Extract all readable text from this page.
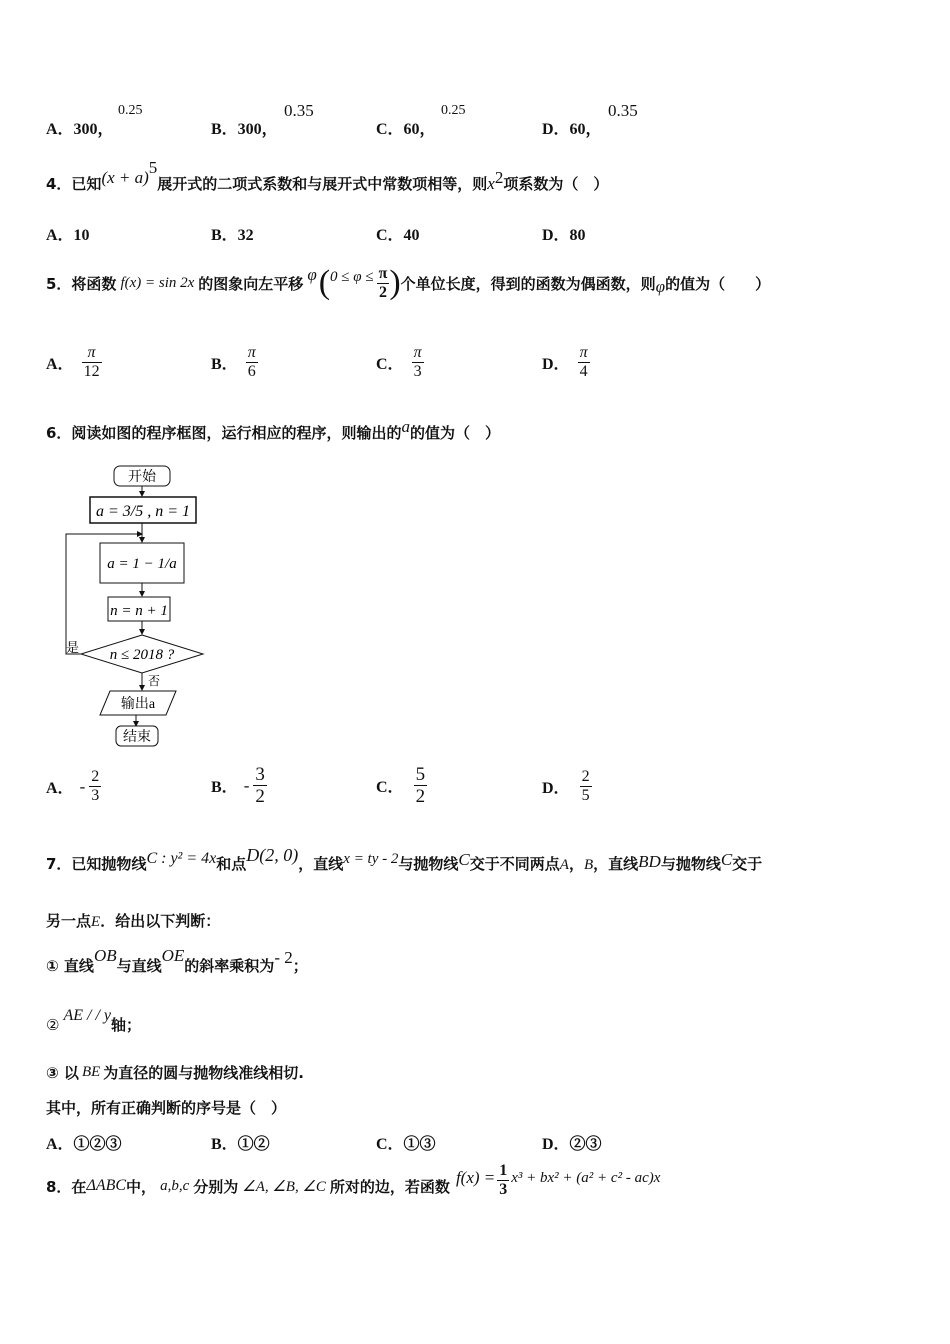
A．300，
0.25
B．300，
0.35
C．60，
0.25
D．60，
0.35
4．已知$(x + a)^5$展开式的二项式系数和与展开式中常数项相等，则$x^2$项系数为（　）
A．10	B．32	C．40	D．80
5．将函数 f(x) = sin 2x 的图象向左平移 φ ( $0 \le \varphi \le \frac{\pi}{2}$ ) 个单位长度，得到的函数为偶函数，则 φ 的值为（　　）
A． $\frac{\pi}{12}$	B． $\frac{\pi}{6}$	C． $\frac{\pi}{3}$	D． $\frac{\pi}{4}$
6．阅读如图的程序框图，运行相应的程序，则输出的a的值为（　）
开始
a = 3/5 , n = 1
a = 1 − 1/a
n = n + 1
n ≤ 2018 ?
是
否
输出a
结束
A． - $\frac{2}{3}$	B． - $\frac{3}{2}$	C． $\frac{5}{2}$	D． $\frac{2}{5}$
7．已知抛物线C : y² = 4x和点D(2, 0)，直线x = ty - 2与抛物线C交于不同两点A，B，直线BD与抛物线C交于
另一点E．给出以下判断：
① 直线OB与直线OE的斜率乘积为- 2；
②AE / / y轴；
③ 以 BE 为直径的圆与抛物线准线相切.
其中，所有正确判断的序号是（　）
A．①②③	B．①②	C．①③	D．②③
8．在 ΔABC 中， a,b,c 分别为 ∠A, ∠B, ∠C 所对的边，若函数 $f(x) = \frac{1}{3} x^3 + bx^2 + (a^2 + c^2 - ac)x$
